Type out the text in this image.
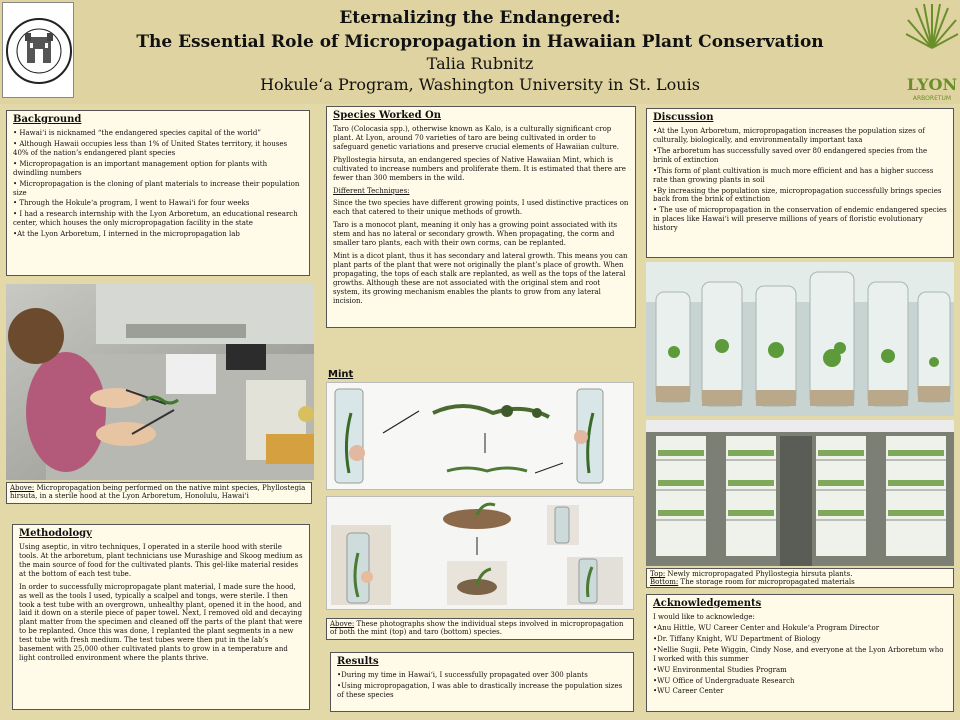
Eternalizing the Endangered:
The Essential Role of Micropropagation in Hawaiian Plant Conservation
Talia Rubnitz
Hokule‘a Program, Washington University in St. Louis	LYON
ARBORETUM
Background
• Hawai‘i is nicknamed “the endangered species capital of the world”
• Although Hawaii occupies less than 1% of United States territory, it houses 40% of the nation’s endangered plant species
• Micropropagation is an important management option for plants with dwindling numbers
• Micropropagation is the cloning of plant materials to increase their population size
• Through the Hokule‘a program, I went to Hawai‘i for four weeks
• I had a research internship with the Lyon Arboretum, an educational research center, which houses the only micropropagation facility in the state
•At the Lyon Arboretum, I interned in the micropropagation lab
Above: Micropropagation being performed on the native mint species, Phyllostegia hirsuta, in a sterile hood at the Lyon Arboretum, Honolulu, Hawai‘i
Methodology

Using aseptic, in vitro techniques, I operated in a sterile hood with sterile tools. At the arboretum, plant technicians use Murashige and Skoog medium as the main source of food for the cultivated plants. This gel-like material resides at the bottom of each test tube.

In order to successfully micropropagate plant material, I made sure the hood, as well as the tools I used, typically a scalpel and tongs, were sterile. I then took a test tube with an overgrown, unhealthy plant, opened it in the hood, and laid it down on a sterile piece of paper towel. Next, I removed old and decaying plant matter from the specimen and cleaned off the parts of the plant that were to be replanted. Once this was done, I replanted the plant segments in a new test tube with fresh medium. The test tubes were then put in the lab’s basement with 25,000 other cultivated plants to grow in a temperature and light controlled environment where the plants thrive.

Species Worked On

Taro (Colocasia spp.), otherwise known as Kalo, is a culturally significant crop plant. At Lyon, around 70 varieties of taro are being cultivated in order to safeguard genetic variations and preserve crucial elements of Hawaiian culture.

Phyllostegia hirsuta, an endangered species of Native Hawaiian Mint, which is cultivated to increase numbers and proliferate them. It is estimated that there are fewer than 300 members in the wild.

Different Techniques:

Since the two species have different growing points, I used distinctive practices on each that catered to their unique methods of growth.

Taro is a monocot plant, meaning it only has a growing point associated with its stem and has no lateral or secondary growth. When propagating, the corm and smaller taro plants, each with their own corms, can be replanted.

Mint is a dicot plant, thus it has secondary and lateral growth. This means you can plant parts of the plant that were not originally the plant’s place of growth. When propagating, the tops of each stalk are replanted, as well as the tops of the lateral growths. Although these are not associated with the original stem and root system, its growing mechanism enables the plants to grow from any lateral incision.

Mint
Above: These photographs show the individual steps involved in micropropagation of both the mint (top) and taro (bottom) species.
Results
•During my time in Hawai‘i, I successfully propagated over 300 plants
•Using micropropagation, I was able to drastically increase the population sizes of these species
Discussion
•At the Lyon Arboretum, micropropagation increases the population sizes of culturally, biologically, and environmentally important taxa
•The arboretum has successfully saved over 80 endangered species from the brink of extinction
•This form of plant cultivation is much more efficient and has a higher success rate than growing plants in soil
•By increasing the population size, micropropagation successfully brings species back from the brink of extinction
• The use of micropropagation in the conservation of endemic endangered species in places like Hawai‘i will preserve millions of years of floristic evolutionary history
Top: Newly micropropagated Phyllostegia hirsuta plants.
Bottom: The storage room for micropropagated materials
Acknowledgements

I would like to acknowledge:

•Anu Hittle, WU Career Center and Hokule‘a Program Director
•Dr. Tiffany Knight, WU Department of Biology
•Nellie Sugii, Pete Wiggin, Cindy Nose, and everyone at the Lyon Arboretum who I worked with this summer
•WU Environmental Studies Program
•WU Office of Undergraduate Research
•WU Career Center
